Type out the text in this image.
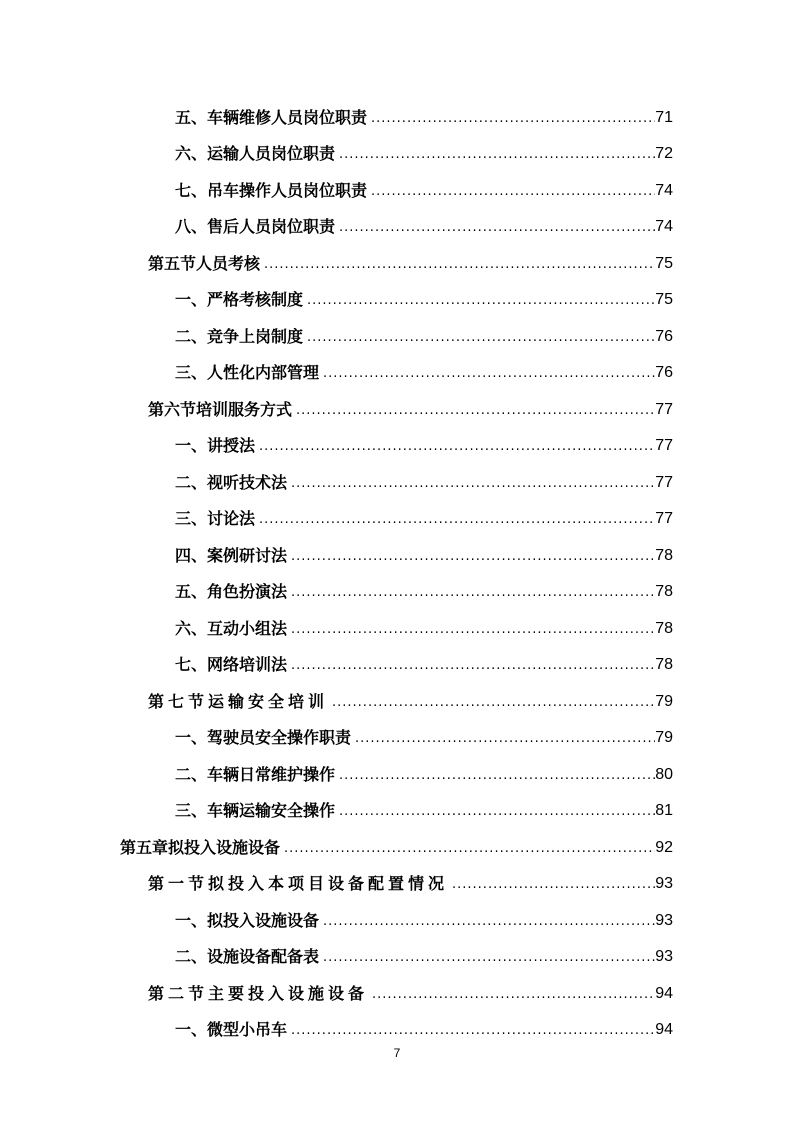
五、车辆维修人员岗位职责 .....	71
六、运输人员岗位职责 .....	72
七、吊车操作人员岗位职责 .....	74
八、售后人员岗位职责 .....	74
第五节人员考核 .....	75
一、严格考核制度 .....	75
二、竞争上岗制度 .....	76
三、人性化内部管理 .....	76
第六节培训服务方式 .....	77
一、讲授法 .....	77
二、视听技术法 .....	77
三、讨论法 .....	77
四、案例研讨法 .....	78
五、角色扮演法 .....	78
六、互动小组法 .....	78
七、网络培训法 .....	78
第七节运输安全培训 .....	79
一、驾驶员安全操作职责 .....	79
二、车辆日常维护操作 .....	80
三、车辆运输安全操作 .....	81
第五章拟投入设施设备 .....	92
第一节拟投入本项目设备配置情况 .....	93
一、拟投入设施设备 .....	93
二、设施设备配备表 .....	93
第二节主要投入设施设备 .....	94
一、微型小吊车 .....	94
7
